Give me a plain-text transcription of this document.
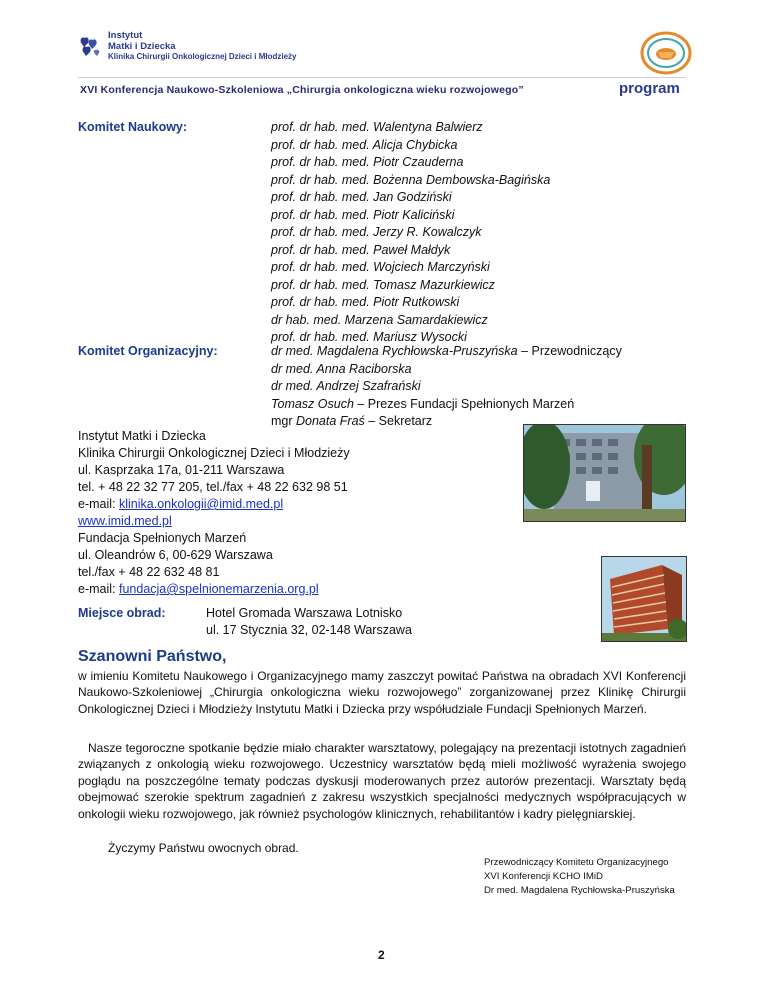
Instytut
Matki i Dziecka
Klinika Chirurgii Onkologicznej Dzieci i Młodzieży
XVI Konferencja Naukowo-Szkoleniowa „Chirurgia onkologiczna wieku rozwojowego”	program
Komitet Naukowy:	prof. dr hab. med. Walentyna Balwierz
prof. dr hab. med. Alicja Chybicka
prof. dr hab. med. Piotr Czauderna
prof. dr hab. med. Bożenna Dembowska-Bagińska
prof. dr hab. med. Jan Godziński
prof. dr hab. med. Piotr Kaliciński
prof. dr hab. med. Jerzy R. Kowalczyk
prof. dr hab. med. Paweł Małdyk
prof. dr hab. med. Wojciech Marczyński
prof. dr hab. med. Tomasz Mazurkiewicz
prof. dr hab. med. Piotr Rutkowski
dr hab. med. Marzena Samardakiewicz
prof. dr hab. med. Mariusz Wysocki
Komitet Organizacyjny:	dr med. Magdalena Rychłowska-Pruszyńska – Przewodniczący
dr med. Anna Raciborska
dr med. Andrzej Szafrański
Tomasz Osuch – Prezes Fundacji Spełnionych Marzeń
mgr Donata Fraś – Sekretarz
Instytut Matki i Dziecka
Klinika Chirurgii Onkologicznej Dzieci i Młodzieży
ul. Kasprzaka 17a, 01-211 Warszawa
tel. + 48 22 32 77 205, tel./fax + 48 22 632 98 51
e-mail: klinika.onkologii@imid.med.pl
www.imid.med.pl
Fundacja Spełnionych Marzeń
ul. Oleandrów 6, 00-629 Warszawa
tel./fax + 48 22 632 48 81
e-mail: fundacja@spelnionemarzenia.org.pl
Miejsce obrad:	Hotel Gromada Warszawa Lotnisko
ul. 17 Stycznia 32, 02-148 Warszawa
Szanowni Państwo,
w imieniu Komitetu Naukowego i Organizacyjnego mamy zaszczyt powitać Państwa na obradach XVI Konferencji Naukowo-Szkoleniowej „Chirurgia onkologiczna wieku rozwojowego” zorganizowanej przez Klinikę Chirurgii Onkologicznej Dzieci i Młodzieży Instytutu Matki i Dziecka przy współudziale Fundacji Spełnionych Marzeń.
Nasze tegoroczne spotkanie będzie miało charakter warsztatowy, polegający na prezentacji istotnych zagadnień związanych z onkologią wieku rozwojowego. Uczestnicy warsztatów będą mieli możliwość wyrażenia swojego poglądu na poszczególne tematy podczas dyskusji moderowanych przez autorów prezentacji. Warsztaty będą obejmować szerokie spektrum zagadnień z zakresu wszystkich specjalności medycznych współpracujących w onkologii wieku rozwojowego, jak również psychologów klinicznych, rehabilitantów i kadry pielęgniarskiej.
Życzymy Państwu owocnych obrad.
Przewodniczący Komitetu Organizacyjnego
XVI Konferencji KCHO IMiD
Dr med. Magdalena Rychłowska-Pruszyńska
2
